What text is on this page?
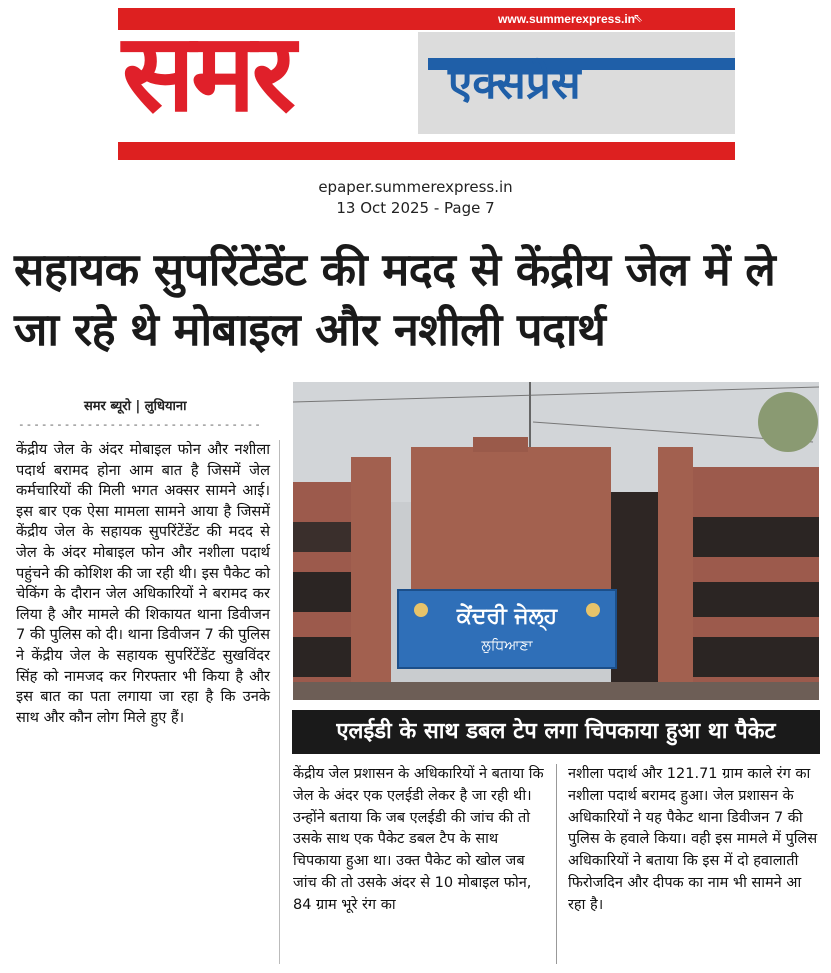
www.summerexpress.in
⇖
समर	एक्सप्रेस
epaper.summerexpress.in
13 Oct 2025 - Page 7
सहायक सुपरिंटेंडेंट की मदद से केंद्रीय जेल में ले जा रहे थे मोबाइल और नशीली पदार्थ
समर ब्यूरो | लुधियाना
--------------------------------
केंद्रीय जेल के अंदर मोबाइल फोन और नशीला पदार्थ बरामद होना आम बात है जिसमें जेल कर्मचारियों की मिली भगत अक्सर सामने आई। इस बार एक ऐसा मामला सामने आया है जिसमें केंद्रीय जेल के सहायक सुपरिंटेंडेंट की मदद से जेल के अंदर मोबाइल फोन और नशीला पदार्थ पहुंचने की कोशिश की जा रही थी। इस पैकेट को चेकिंग के दौरान जेल अधिकारियों ने बरामद कर लिया है और मामले की शिकायत थाना डिवीजन 7 की पुलिस को दी। थाना डिवीजन 7 की पुलिस ने केंद्रीय जेल के सहायक सुपरिंटेंडेंट सुखविंदर सिंह को नामजद कर गिरफ्तार भी किया है और इस बात का पता लगाया जा रहा है कि उनके साथ और कौन लोग मिले हुए हैं।
ਕੇਂਦਰੀ ਜੇਲ੍ਹ
ਲੁਧਿਆਣਾ
एलईडी के साथ डबल टेप लगा चिपकाया हुआ था पैकेट
केंद्रीय जेल प्रशासन के अधिकारियों ने बताया कि जेल के अंदर एक एलईडी लेकर है जा रही थी। उन्होंने बताया कि जब एलईडी की जांच की तो उसके साथ एक पैकेट डबल टैप के साथ चिपकाया हुआ था। उक्त पैकेट को खोल जब जांच की तो उसके अंदर से 10 मोबाइल फोन, 84 ग्राम भूरे रंग का
नशीला पदार्थ और 121.71 ग्राम काले रंग का नशीला पदार्थ बरामद हुआ। जेल प्रशासन के अधिकारियों ने यह पैकेट थाना डिवीजन 7 की पुलिस के हवाले किया। वही इस मामले में पुलिस अधिकारियों ने बताया कि इस में दो हवालाती फिरोजदिन और दीपक का नाम भी सामने आ रहा है।
